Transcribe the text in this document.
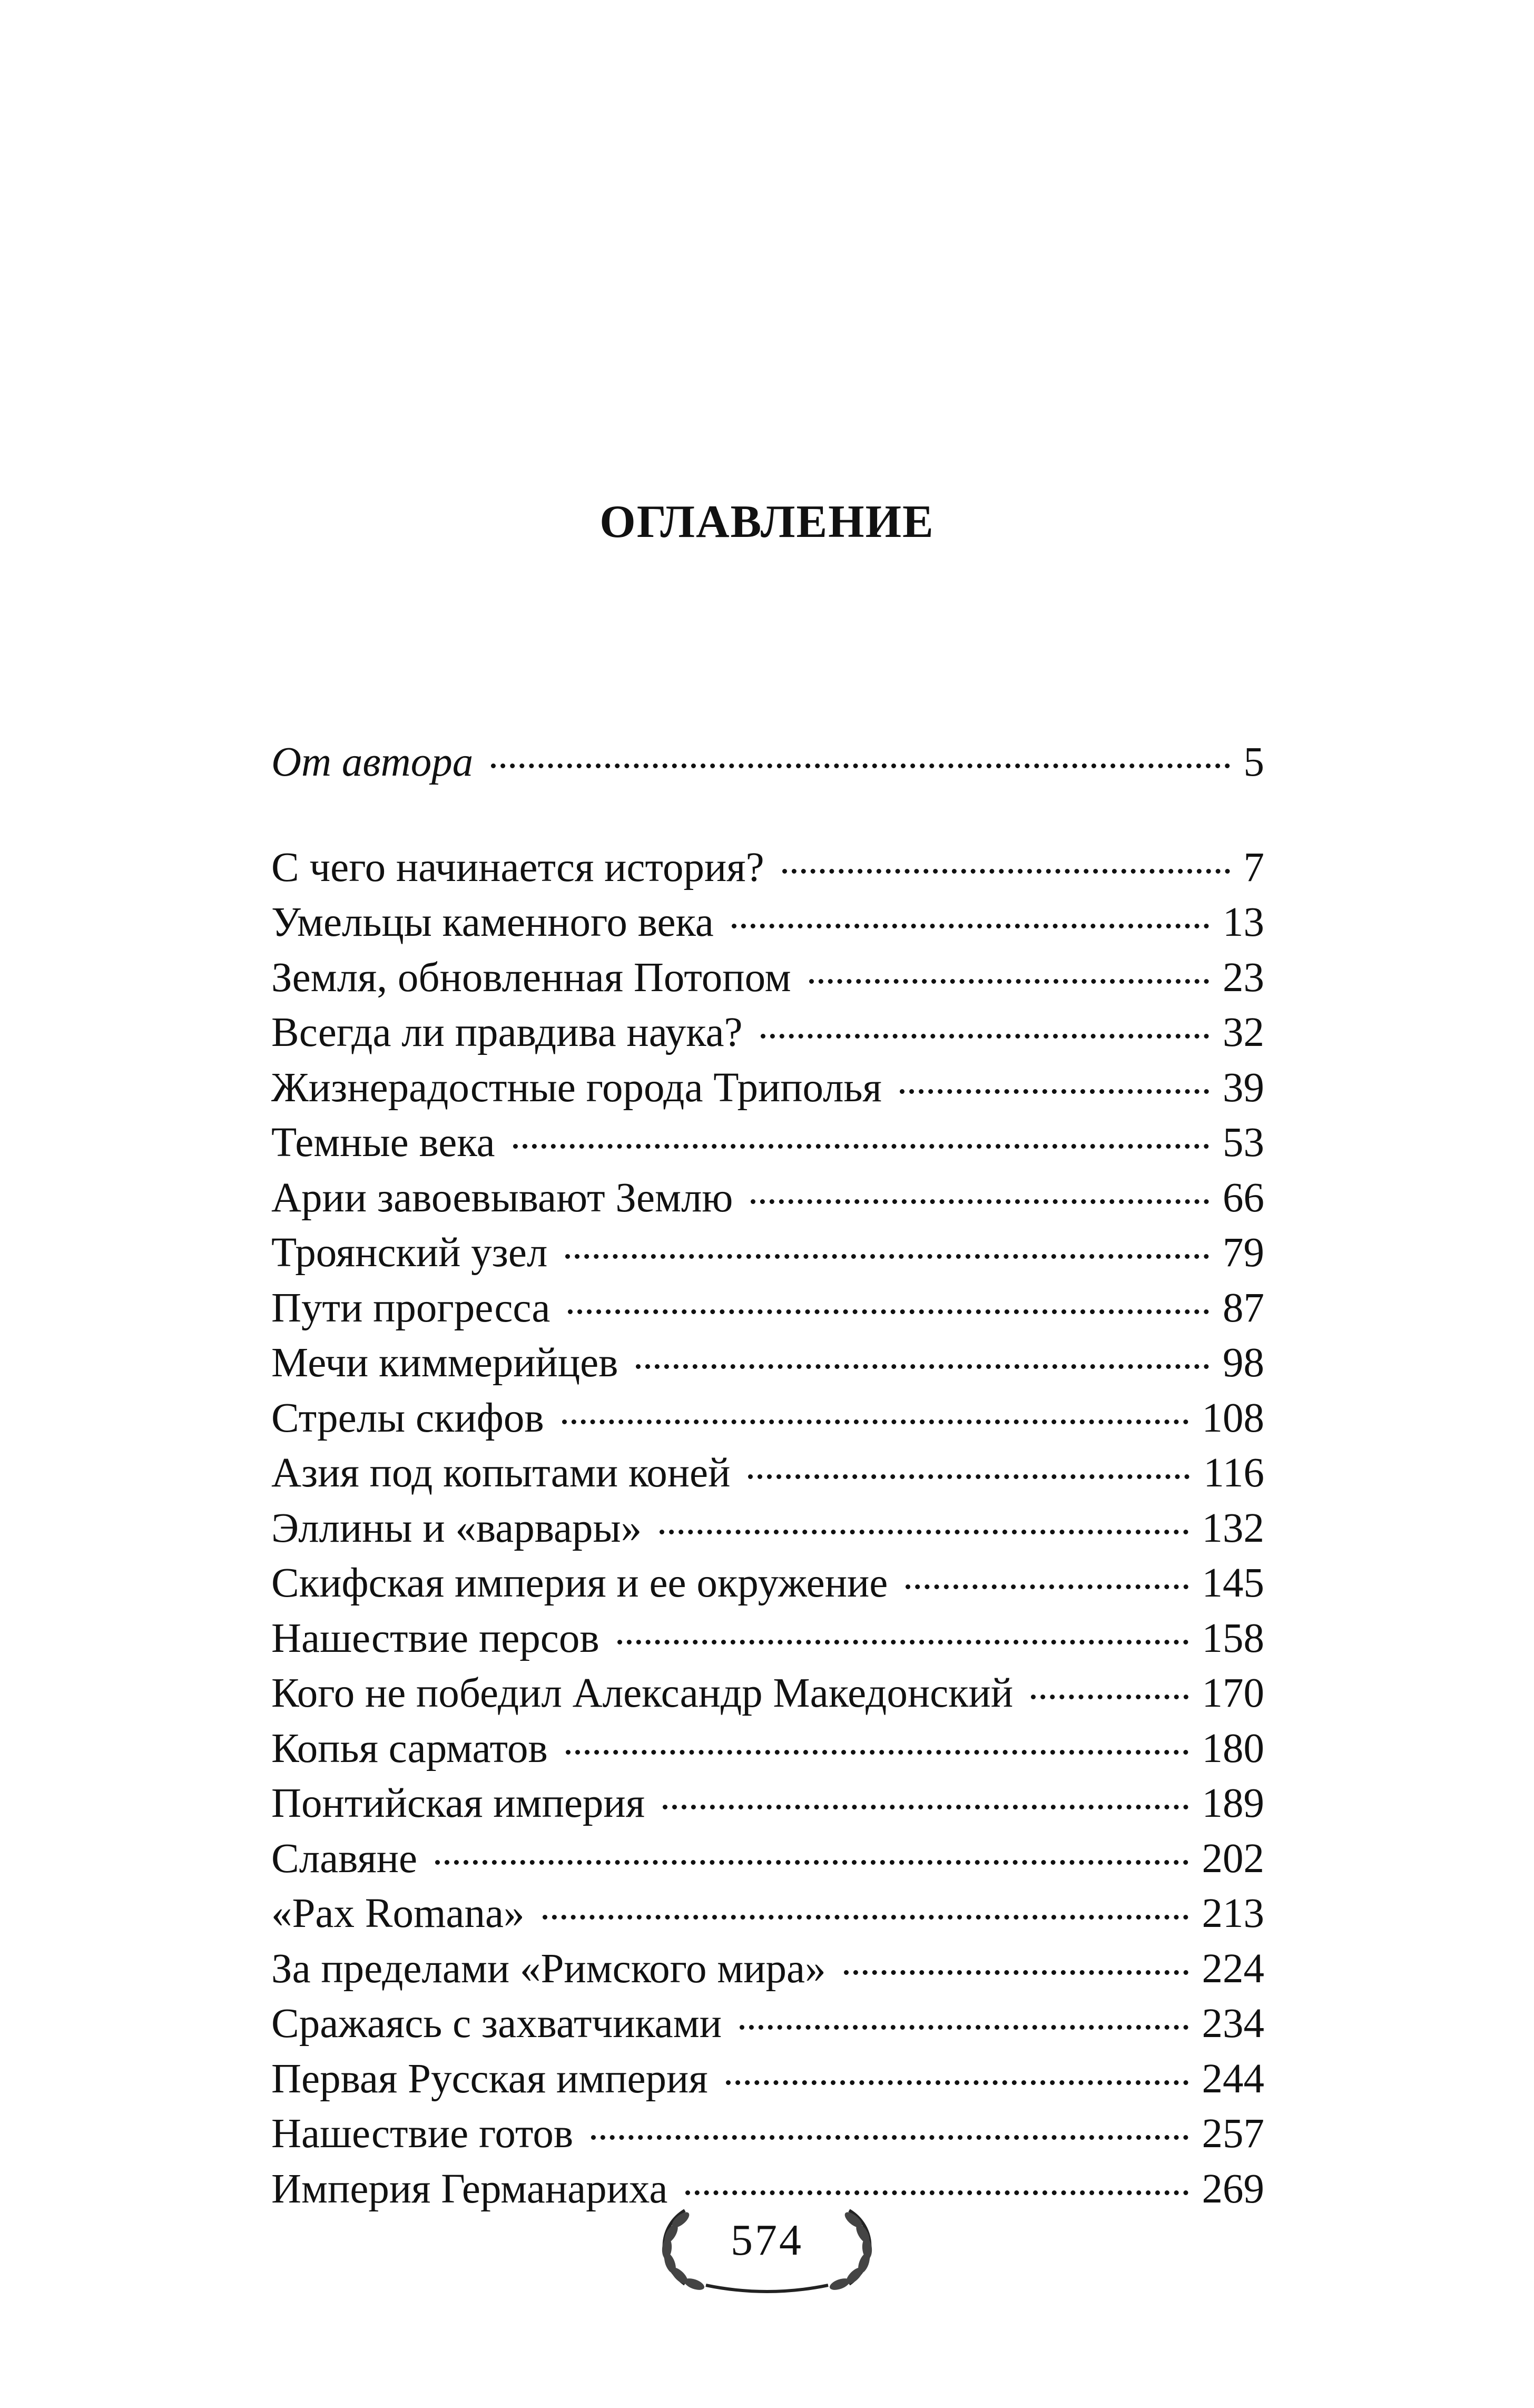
ОГЛАВЛЕНИЕ
От автора	5
С чего начинается история?	7
Умельцы каменного века	13
Земля, обновленная Потопом	23
Всегда ли правдива наука?	32
Жизнерадостные города Триполья	39
Темные века	53
Арии завоевывают Землю	66
Троянский узел	79
Пути прогресса	87
Мечи киммерийцев	98
Стрелы скифов	108
Азия под копытами коней	116
Эллины и «варвары»	132
Скифская империя и ее окружение	145
Нашествие персов	158
Кого не победил Александр Македонский	170
Копья сарматов	180
Понтийская империя	189
Славяне	202
«Pax Romana»	213
За пределами «Римского мира»	224
Сражаясь с захватчиками	234
Первая Русская империя	244
Нашествие готов	257
Империя Германариха	269
574
